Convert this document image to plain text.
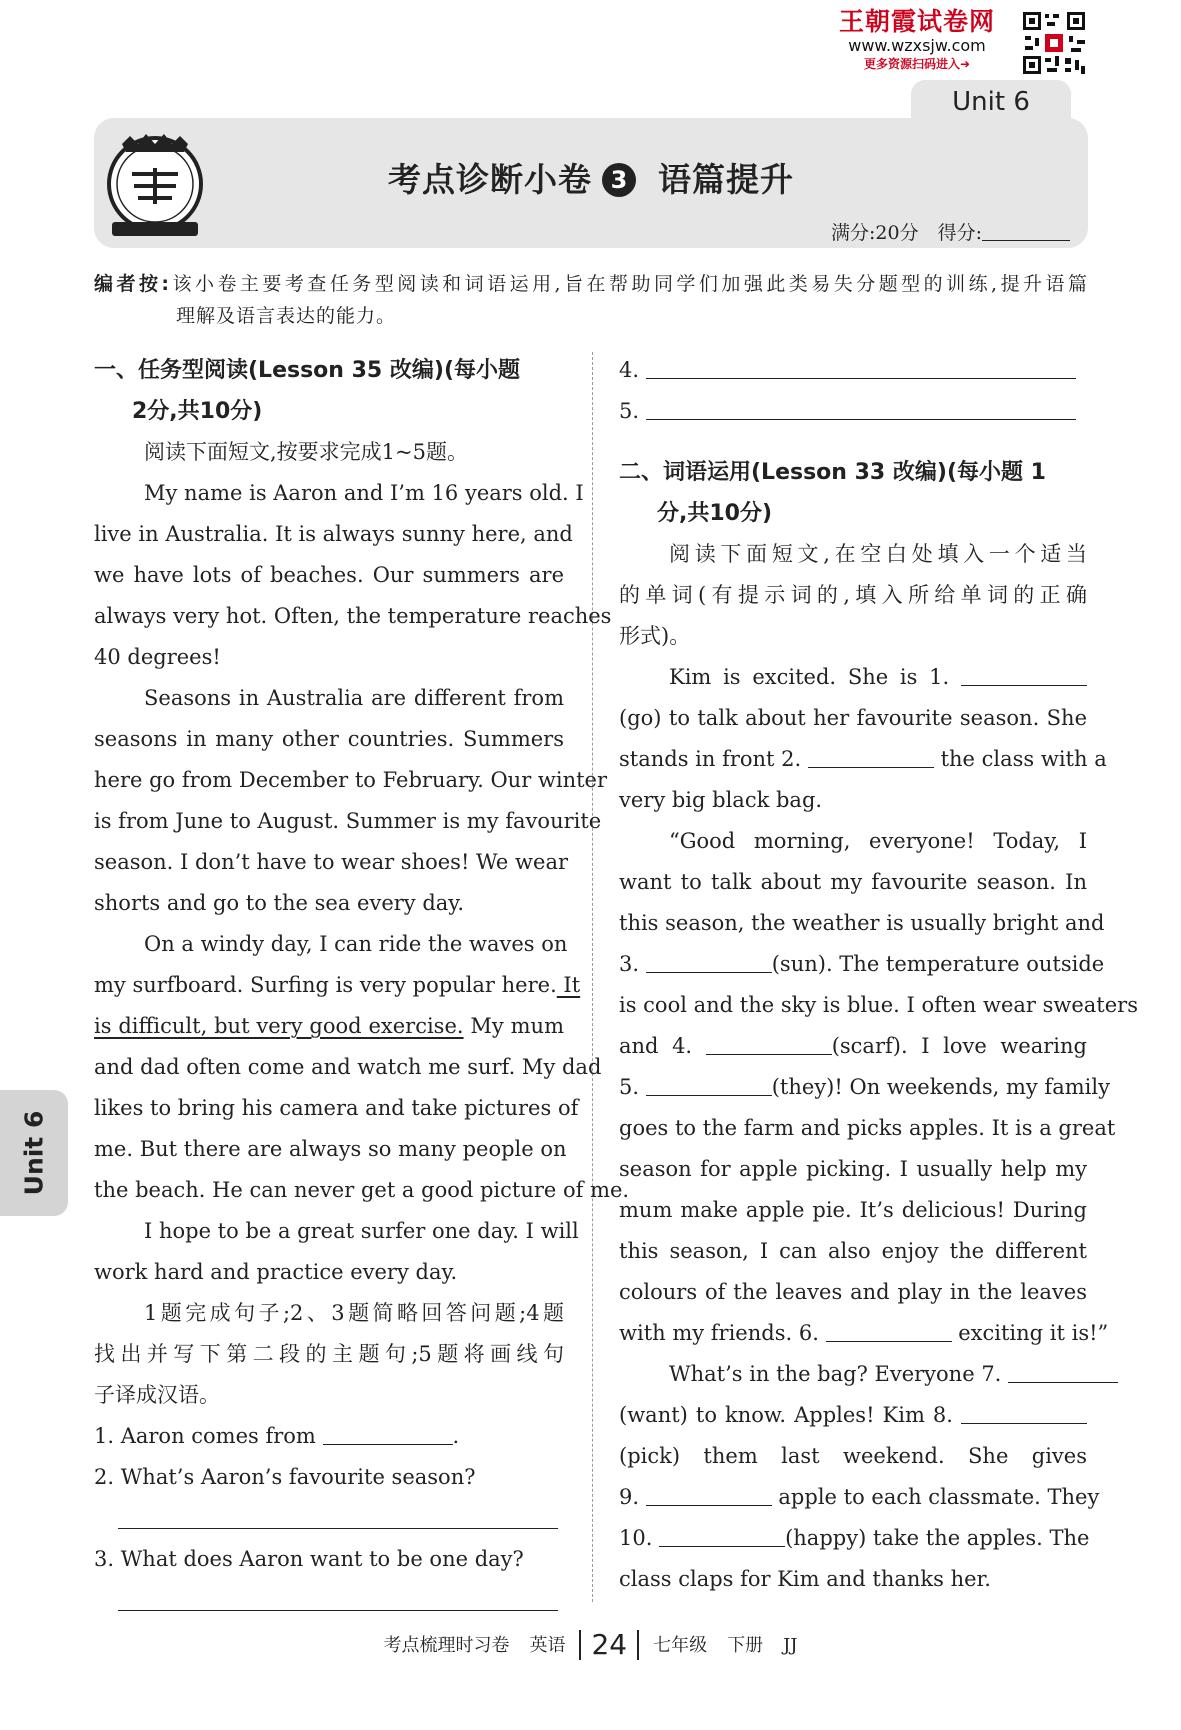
王朝霞试卷网
www.wzxsjw.com
更多资源扫码进入➜
Unit 6
考点诊断小卷 3 语篇提升
满分:20分　得分:
编者按:该小卷主要考查任务型阅读和词语运用,旨在帮助同学们加强此类易失分题型的训练,提升语篇
理解及语言表达的能力。
一、任务型阅读(Lesson 35 改编)(每小题
2分,共10分)
阅读下面短文,按要求完成1~5题。
My name is Aaron and I’m 16 years old. I
live in Australia. It is always sunny here, and
we have lots of beaches. Our summers are
always very hot. Often, the temperature reaches
40 degrees!
Seasons in Australia are different from
seasons in many other countries. Summers
here go from December to February. Our winter
is from June to August. Summer is my favourite
season. I don’t have to wear shoes! We wear
shorts and go to the sea every day.
On a windy day, I can ride the waves on
my surfboard. Surfing is very popular here. It
is difficult, but very good exercise. My mum
and dad often come and watch me surf. My dad
likes to bring his camera and take pictures of
me. But there are always so many people on
the beach. He can never get a good picture of me.
I hope to be a great surfer one day. I will
work hard and practice every day.
1题完成句子;2、3题简略回答问题;4题
找出并写下第二段的主题句;5题将画线句
子译成汉语。
1. Aaron comes from	.
2. What’s Aaron’s favourite season?
3. What does Aaron want to be one day?
4.
5.
二、词语运用(Lesson 33 改编)(每小题 1
分,共10分)
阅读下面短文,在空白处填入一个适当
的单词(有提示词的,填入所给单词的正确
形式)。
Kim is excited. She is 1.
(go) to talk about her favourite season. She
stands in front 2.	the class with a
very big black bag.
“Good morning, everyone! Today, I
want to talk about my favourite season. In
this season, the weather is usually bright and
3.	(sun). The temperature outside
is cool and the sky is blue. I often wear sweaters
and 4.	(scarf). I love wearing
5.	(they)! On weekends, my family
goes to the farm and picks apples. It is a great
season for apple picking. I usually help my
mum make apple pie. It’s delicious! During
this season, I can also enjoy the different
colours of the leaves and play in the leaves
with my friends. 6.	exciting it is!”
What’s in the bag? Everyone 7.
(want) to know. Apples! Kim 8.
(pick) them last weekend. She gives
9.	apple to each classmate. They
10.	(happy) take the apples. The
class claps for Kim and thanks her.
Unit 6
考点梳理时习卷 英语 24 七年级 下册 JJ
